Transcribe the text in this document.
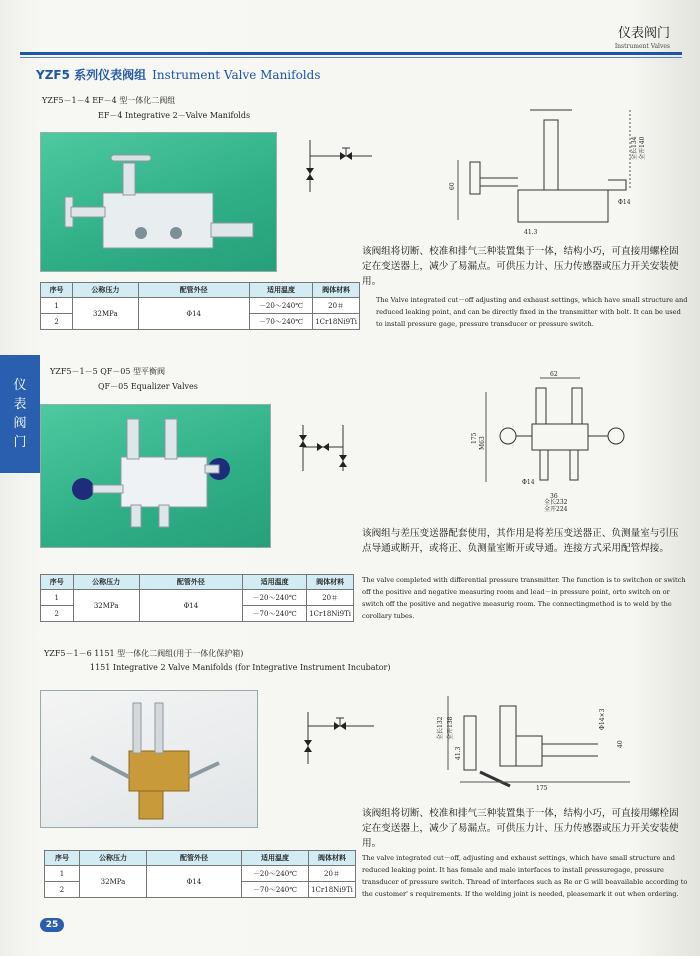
仪表阀门
Instrument Valves
YZF5 系列仪表阀组 Instrument Valve Manifolds
仪
表
阀
门
YZF5－1－4 EF－4 型一体化二阀组
EF－4 Integrative 2－Valve Manifolds
60
41.3
全长134 全开140
Φ14
序号	公称压力	配管外径	适用温度	阀体材料
1	32MPa	Φ14	－20～240℃	20＃
2			－70～240℃	1Cr18Ni9Ti
该阀组将切断、校准和排气三种装置集于一体，结构小巧，可直接用螺栓固定在变送器上，减少了易漏点。可供压力计、压力传感器或压力开关安装使用。
The Valve integrated cut－off adjusting and exhaust settings, which have small structure and reduced leaking point, and can be directly fixed in the transmitter with bolt. It can be used to install pressure gage, pressure transducer or pressure switch.
YZF5－1－5 QF－05 型平衡阀
QF－05 Equalizer Valves
62
175 M63
Φ14
36
全长232
全开224
序号	公称压力	配管外径	适用温度	阀体材料
1	32MPa	Φ14	－20～240℃	20＃
2			－70～240℃	1Cr18Ni9Ti
该阀组与差压变送器配套使用，其作用是将差压变送器正、负测量室与引压点导通或断开，或将正、负测量室断开或导通。连接方式采用配管焊接。
The valve completed with differential pressure transmitter. The function is to switchon or switch off the positive and negative measuring room and lead－in pressure point, orto switch on or switch off the positive and negative measurig room. The connectingmethod is to weld by the corollary tubes.
YZF5－1－6 1151 型一体化二阀组(用于一体化保护箱)
1151 Integrative 2 Valve Manifolds (for Integrative Instrument Incubator)
全长132 全开138
41.3
175
40
Φ14×3
序号	公称压力	配管外径	适用温度	阀体材料
1	32MPa	Φ14	－20～240℃	20＃
2			－70～240℃	1Cr18Ni9Ti
该阀组将切断、校准和排气三种装置集于一体，结构小巧，可直接用螺栓固定在变送器上，减少了易漏点。可供压力计、压力传感器或压力开关安装使用。
The valve integrated cut－off, adjusting and exhaust settings, which have small structure and reduced leaking point. It has female and male interfaces to install pressuregage, pressure transducer of pressure switch. Thread of interfaces such as Re or G will beavailable according to the customer' s requirements. If the welding joint is needed, pleasemark it out when ordering.
25
